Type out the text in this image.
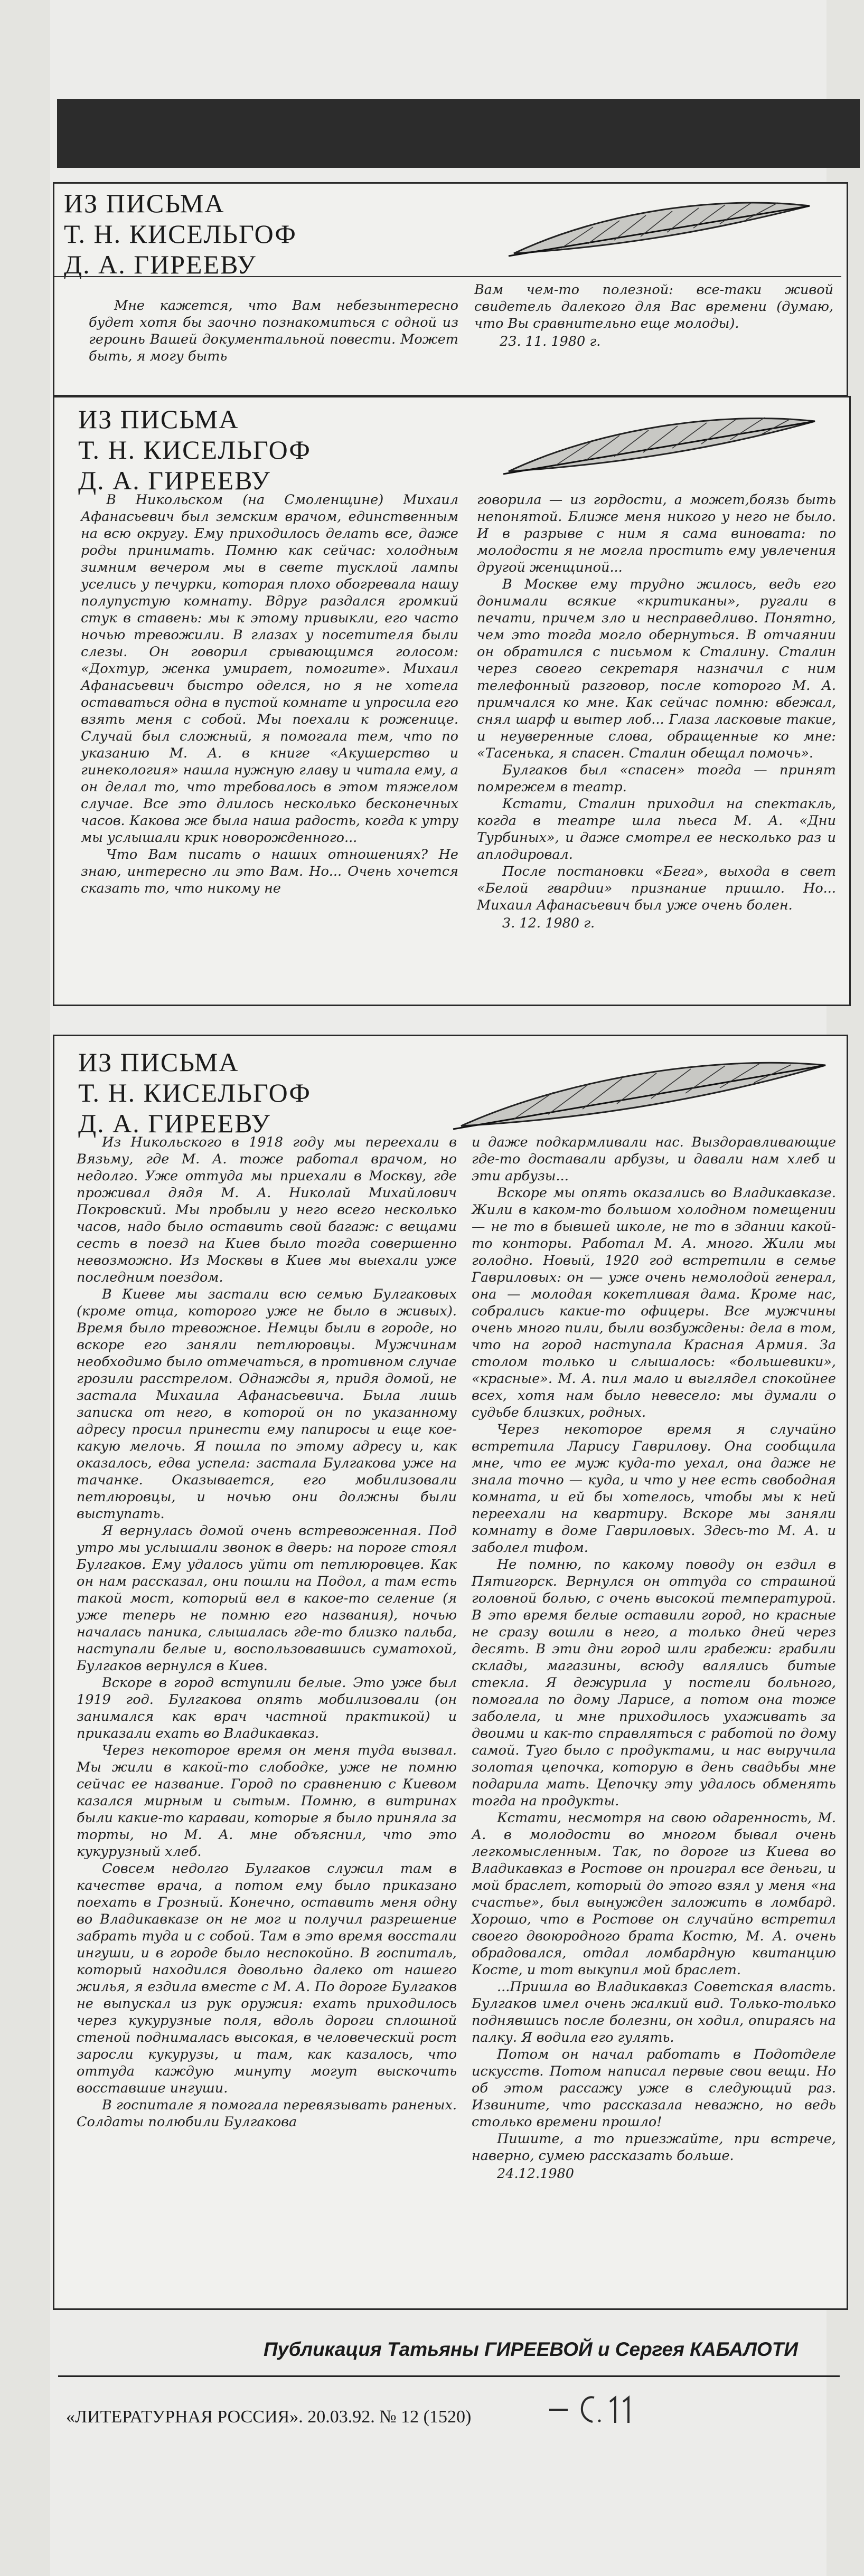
ИЗ ПИСЬМА
Т. Н. КИСЕЛЬГОФ
Д. А. ГИРЕЕВУ

Мне кажется, что Вам небезынтересно будет хотя бы заочно познакомиться с одной из героинь Вашей документальной повести. Может быть, я могу быть

Вам чем-то полезной: все-таки живой свидетель далекого для Вас времени (думаю, что Вы сравнительно еще молоды).

23. 11. 1980 г.

ИЗ ПИСЬМА
Т. Н. КИСЕЛЬГОФ
Д. А. ГИРЕЕВУ

В Никольском (на Смоленщине) Михаил Афанасьевич был земским врачом, единственным на всю округу. Ему приходилось делать все, даже роды принимать. Помню как сейчас: холодным зимним вечером мы в свете тусклой лампы уселись у печурки, которая плохо обогревала нашу полупустую комнату. Вдруг раздался громкий стук в ставень: мы к этому привыкли, его часто ночью тревожили. В глазах у посетителя были слезы. Он говорил срывающимся голосом: «Дохтур, женка умирает, помогите». Михаил Афанасьевич быстро оделся, но я не хотела оставаться одна в пустой комнате и упросила его взять меня с собой. Мы поехали к роженице. Случай был сложный, я помогала тем, что по указанию М. А. в книге «Акушерство и гинекология» нашла нужную главу и читала ему, а он делал то, что требовалось в этом тяжелом случае. Все это длилось несколько бесконечных часов. Какова же была наша радость, когда к утру мы услышали крик новорожденного...

Что Вам писать о наших отношениях? Не знаю, интересно ли это Вам. Но... Очень хочется сказать то, что никому не

говорила — из гордости, а может,боязь быть непонятой. Ближе меня никого у него не было. И в разрыве с ним я сама виновата: по молодости я не могла простить ему увлечения другой женщиной...

В Москве ему трудно жилось, ведь его донимали всякие «критиканы», ругали в печати, причем зло и несправедливо. Понятно, чем это тогда могло обернуться. В отчаянии он обратился с письмом к Сталину. Сталин через своего секретаря назначил с ним телефонный разговор, после которого М. А. примчался ко мне. Как сейчас помню: вбежал, снял шарф и вытер лоб... Глаза ласковые такие, и неуверенные слова, обращенные ко мне: «Тасенька, я спасен. Сталин обещал помочь».

Булгаков был «спасен» тогда — принят помрежем в театр.

Кстати, Сталин приходил на спектакль, когда в театре шла пьеса М. А. «Дни Турбиных», и даже смотрел ее несколько раз и аплодировал.

После постановки «Бега», выхода в свет «Белой гвардии» признание пришло. Но... Михаил Афанасьевич был уже очень болен.

3. 12. 1980 г.

ИЗ ПИСЬМА
Т. Н. КИСЕЛЬГОФ
Д. А. ГИРЕЕВУ

Из Никольского в 1918 году мы переехали в Вязьму, где М. А. тоже работал врачом, но недолго. Уже оттуда мы приехали в Москву, где проживал дядя М. А. Николай Михайлович Покровский. Мы пробыли у него всего несколько часов, надо было оставить свой багаж: с вещами сесть в поезд на Киев было тогда совершенно невозможно. Из Москвы в Киев мы выехали уже последним поездом.

В Киеве мы застали всю семью Булгаковых (кроме отца, которого уже не было в живых). Время было тревожное. Немцы были в городе, но вскоре его заняли петлюровцы. Мужчинам необходимо было отмечаться, в противном случае грозили расстрелом. Однажды я, придя домой, не застала Михаила Афанасьевича. Была лишь записка от него, в которой он по указанному адресу просил принести ему папиросы и еще кое-какую мелочь. Я пошла по этому адресу и, как оказалось, едва успела: застала Булгакова уже на тачанке. Оказывается, его мобилизовали петлюровцы, и ночью они должны были выступать.

Я вернулась домой очень встревоженная. Под утро мы услышали звонок в дверь: на пороге стоял Булгаков. Ему удалось уйти от петлюровцев. Как он нам рассказал, они пошли на Подол, а там есть такой мост, который вел в какое-то селение (я уже теперь не помню его названия), ночью началась паника, слышалась где-то близко пальба, наступали белые и, воспользовавшись суматохой, Булгаков вернулся в Киев.

Вскоре в город вступили белые. Это уже был 1919 год. Булгакова опять мобилизовали (он занимался как врач частной практикой) и приказали ехать во Владикавказ.

Через некоторое время он меня туда вызвал. Мы жили в какой-то слободке, уже не помню сейчас ее название. Город по сравнению с Киевом казался мирным и сытым. Помню, в витринах были какие-то караваи, которые я было приняла за торты, но М. А. мне объяснил, что это кукурузный хлеб.

Совсем недолго Булгаков служил там в качестве врача, а потом ему было приказано поехать в Грозный. Конечно, оставить меня одну во Владикавказе он не мог и получил разрешение забрать туда и с собой. Там в это время восстали ингуши, и в городе было неспокойно. В госпиталь, который находился довольно далеко от нашего жилья, я ездила вместе с М. А. По дороге Булгаков не выпускал из рук оружия: ехать приходилось через кукурузные поля, вдоль дороги сплошной стеной поднималась высокая, в человеческий рост заросли кукурузы, и там, как казалось, что оттуда каждую минуту могут выскочить восставшие ингуши.

В госпитале я помогала перевязывать раненых. Солдаты полюбили Булгакова

и даже подкармливали нас. Выздоравливающие где-то доставали арбузы, и давали нам хлеб и эти арбузы...

Вскоре мы опять оказались во Владикавказе. Жили в каком-то большом холодном помещении — не то в бывшей школе, не то в здании какой-то конторы. Работал М. А. много. Жили мы голодно. Новый, 1920 год встретили в семье Гавриловых: он — уже очень немолодой генерал, она — молодая кокетливая дама. Кроме нас, собрались какие-то офицеры. Все мужчины очень много пили, были возбуждены: дела в том, что на город наступала Красная Армия. За столом только и слышалось: «большевики», «красные». М. А. пил мало и выглядел спокойнее всех, хотя нам было невесело: мы думали о судьбе близких, родных.

Через некоторое время я случайно встретила Ларису Гаврилову. Она сообщила мне, что ее муж куда-то уехал, она даже не знала точно — куда, и что у нее есть свободная комната, и ей бы хотелось, чтобы мы к ней переехали на квартиру. Вскоре мы заняли комнату в доме Гавриловых. Здесь-то М. А. и заболел тифом.

Не помню, по какому поводу он ездил в Пятигорск. Вернулся он оттуда со страшной головной болью, с очень высокой температурой. В это время белые оставили город, но красные не сразу вошли в него, а только дней через десять. В эти дни город шли грабежи: грабили склады, магазины, всюду валялись битые стекла. Я дежурила у постели больного, помогала по дому Ларисе, а потом она тоже заболела, и мне приходилось ухаживать за двоими и как-то справляться с работой по дому самой. Туго было с продуктами, и нас выручила золотая цепочка, которую в день свадьбы мне подарила мать. Цепочку эту удалось обменять тогда на продукты.

Кстати, несмотря на свою одаренность, М. А. в молодости во многом бывал очень легкомысленным. Так, по дороге из Киева во Владикавказ в Ростове он проиграл все деньги, и мой браслет, который до этого взял у меня «на счастье», был вынужден заложить в ломбард. Хорошо, что в Ростове он случайно встретил своего двоюродного брата Костю, М. А. очень обрадовался, отдал ломбардную квитанцию Косте, и тот выкупил мой браслет.

...Пришла во Владикавказ Советская власть. Булгаков имел очень жалкий вид. Только-только поднявшись после болезни, он ходил, опираясь на палку. Я водила его гулять.

Потом он начал работать в Подотделе искусств. Потом написал первые свои вещи. Но об этом рассажу уже в следующий раз. Извините, что рассказала неважно, но ведь столько времени прошло!

Пишите, а то приезжайте, при встрече, наверно, сумею рассказать больше.

24.12.1980

Публикация Татьяны ГИРЕЕВОЙ и Сергея КАБАЛОТИ
«ЛИТЕРАТУРНАЯ РОССИЯ». 20.03.92. № 12 (1520)
